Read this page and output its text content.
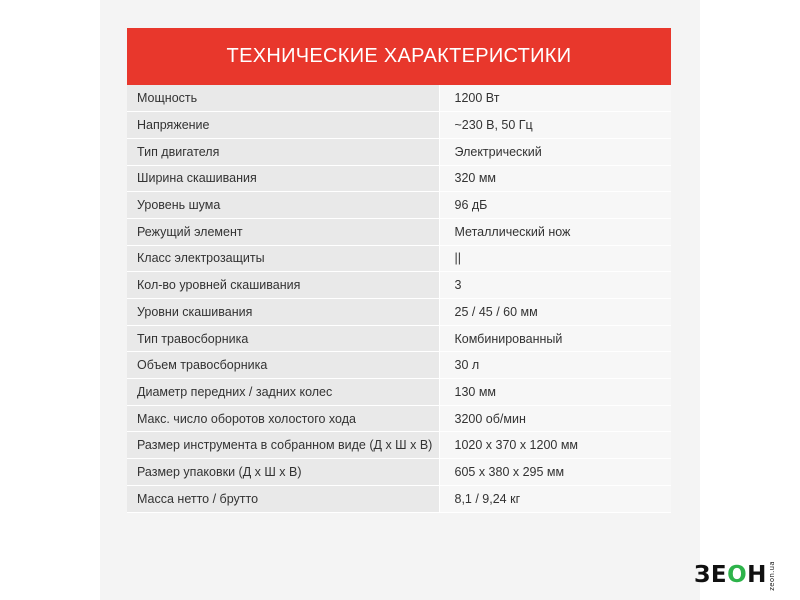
ТЕХНИЧЕСКИЕ ХАРАКТЕРИСТИКИ
Мощность	1200 Вт
Напряжение	~230 В, 50 Гц
Тип двигателя	Электрический
Ширина скашивания	320 мм
Уровень шума	96 дБ
Режущий элемент	Металлический нож
Класс электрозащиты	||
Кол-во уровней скашивания	3
Уровни скашивания	25 / 45 / 60 мм
Тип травосборника	Комбинированный
Объем травосборника	30 л
Диаметр передних / задних колес	130 мм
Макс. число оборотов холостого хода	3200 об/мин
Размер инструмента в собранном виде (Д х Ш х В)	1020 х 370 х 1200 мм
Размер упаковки (Д х Ш х В)	605 х 380 х 295 мм
Масса нетто / брутто	8,1 / 9,24 кг
ЗЕОН zeon.ua
